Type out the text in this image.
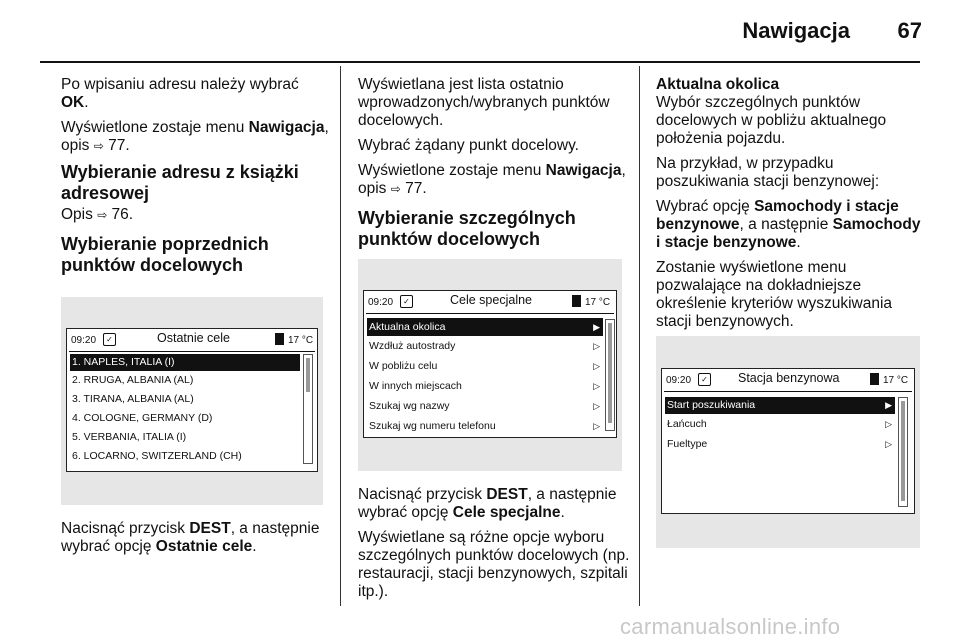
Nawigacja 67

Po wpisaniu adresu należy wybrać OK.

Wyświetlone zostaje menu Nawigacja, opis ⇨ 77.

Wybieranie adresu z książki adresowej

Opis ⇨ 76.

Wybieranie poprzednich punktów docelowych
09:20	✓	Ostatnie cele	17 °C
1. NAPLES, ITALIA (I)
2. RRUGA, ALBANIA (AL)
3. TIRANA, ALBANIA (AL)
4. COLOGNE, GERMANY (D)
5. VERBANIA, ITALIA (I)
6. LOCARNO, SWITZERLAND (CH)

Nacisnąć przycisk DEST, a następnie wybrać opcję Ostatnie cele.

Wyświetlana jest lista ostatnio wprowadzonych/wybranych punktów docelowych.

Wybrać żądany punkt docelowy.

Wyświetlone zostaje menu Nawigacja, opis ⇨ 77.

Wybieranie szczególnych punktów docelowych
09:20	✓	Cele specjalne	17 °C
Aktualna okolica	▶
Wzdłuż autostrady	▷
W pobliżu celu	▷
W innych miejscach	▷
Szukaj wg nazwy	▷
Szukaj wg numeru telefonu	▷

Nacisnąć przycisk DEST, a następnie wybrać opcję Cele specjalne.

Wyświetlane są różne opcje wyboru szczególnych punktów docelowych (np. restauracji, stacji benzynowych, szpitali itp.).

Aktualna okolica

Wybór szczególnych punktów docelowych w pobliżu aktualnego położenia pojazdu.

Na przykład, w przypadku poszukiwania stacji benzynowej:

Wybrać opcję Samochody i stacje benzynowe, a następnie Samochody i stacje benzynowe.

Zostanie wyświetlone menu pozwalające na dokładniejsze określenie kryteriów wyszukiwania stacji benzynowych.

09:20	✓ Stacja benzynowa	17 °C
Start poszukiwania	▶
Łańcuch	▷
Fueltype	▷
carmanualsonline.info
